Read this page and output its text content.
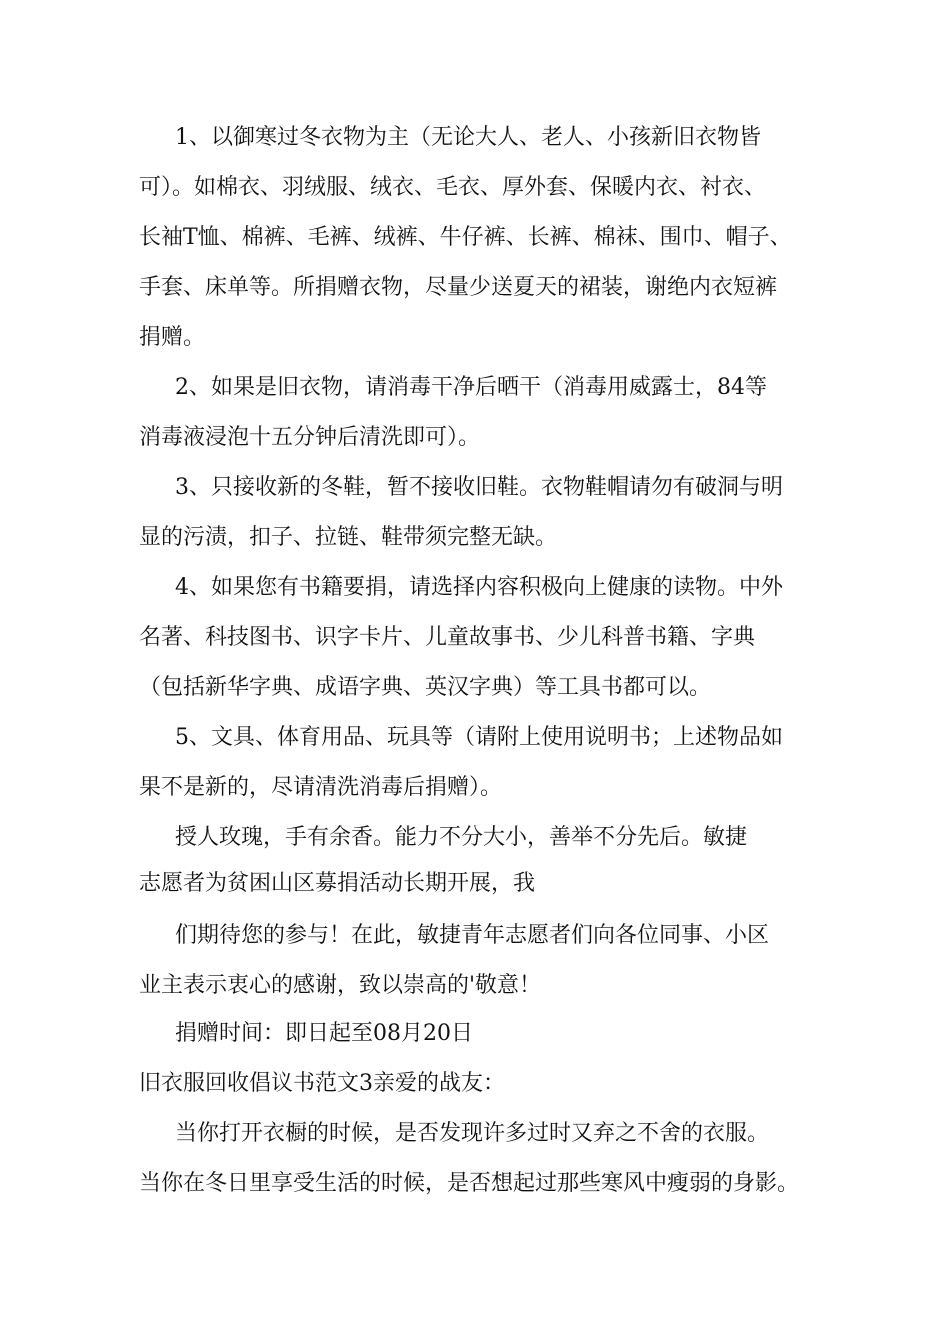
1、以御寒过冬衣物为主（无论大人、老人、小孩新旧衣物皆
可）。如棉衣、羽绒服、绒衣、毛衣、厚外套、保暖内衣、衬衣、
长袖T恤、棉裤、毛裤、绒裤、牛仔裤、长裤、棉袜、围巾、帽子、
手套、床单等。所捐赠衣物，尽量少送夏天的裙装，谢绝内衣短裤
捐赠。
2、如果是旧衣物，请消毒干净后晒干（消毒用威露士，84等
消毒液浸泡十五分钟后清洗即可）。
3、只接收新的冬鞋，暂不接收旧鞋。衣物鞋帽请勿有破洞与明
显的污渍，扣子、拉链、鞋带须完整无缺。
4、如果您有书籍要捐，请选择内容积极向上健康的读物。中外
名著、科技图书、识字卡片、儿童故事书、少儿科普书籍、字典
（包括新华字典、成语字典、英汉字典）等工具书都可以。
5、文具、体育用品、玩具等（请附上使用说明书；上述物品如
果不是新的，尽请清洗消毒后捐赠）。
授人玫瑰，手有余香。能力不分大小，善举不分先后。敏捷
志愿者为贫困山区募捐活动长期开展，我
们期待您的参与！在此，敏捷青年志愿者们向各位同事、小区
业主表示衷心的感谢，致以崇高的'敬意！
捐赠时间：即日起至08月20日
旧衣服回收倡议书范文3亲爱的战友：
当你打开衣橱的时候，是否发现许多过时又弃之不舍的衣服。
当你在冬日里享受生活的时候，是否想起过那些寒风中瘦弱的身影。
